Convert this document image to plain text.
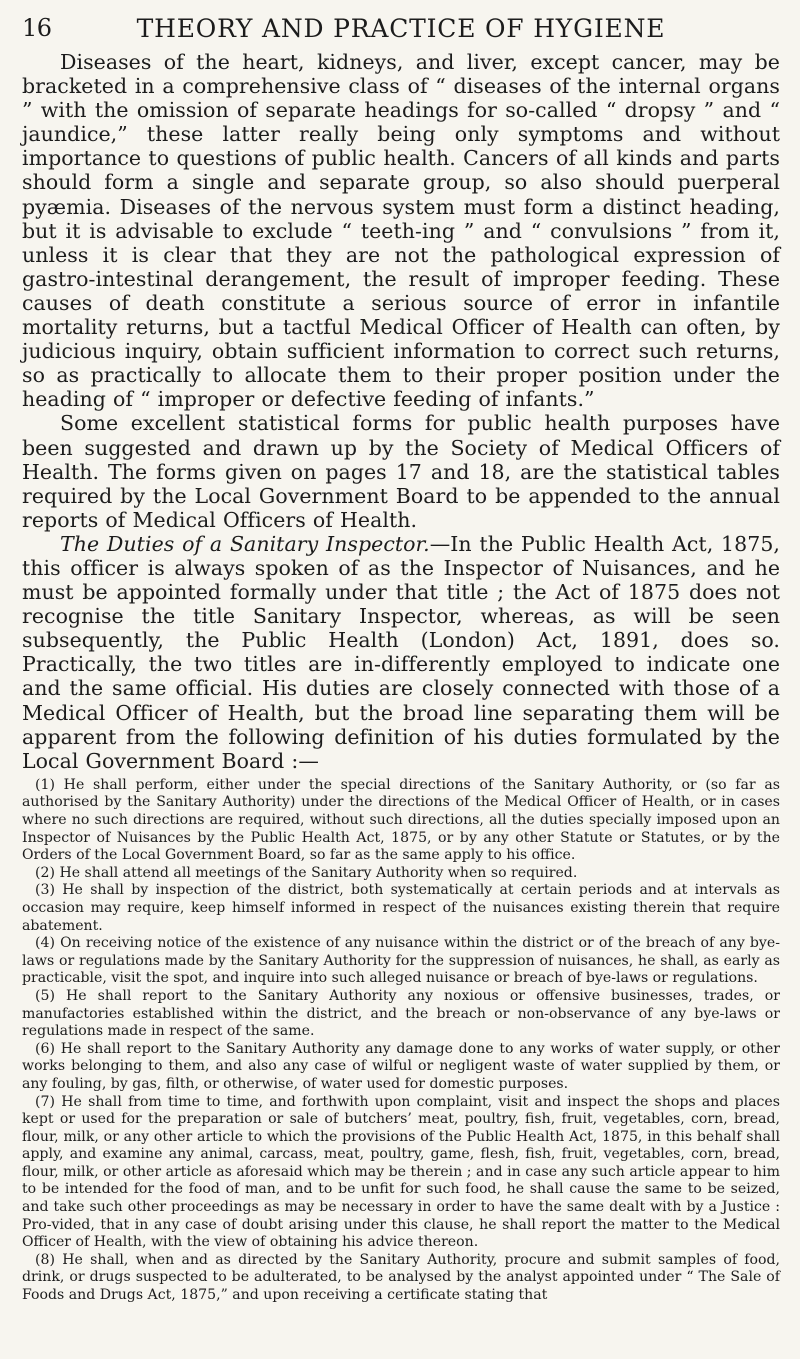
16	THEORY AND PRACTICE OF HYGIENE

Diseases of the heart, kidneys, and liver, except cancer, may be bracketed in a comprehensive class of “ diseases of the internal organs ” with the omission of separate headings for so-called “ dropsy ” and “ jaundice,” these latter really being only symptoms and without importance to questions of public health. Cancers of all kinds and parts should form a single and separate group, so also should puerperal pyæmia. Diseases of the nervous system must form a distinct heading, but it is advisable to exclude “ teeth-ing ” and “ convulsions ” from it, unless it is clear that they are not the pathological expression of gastro-intestinal derangement, the result of improper feeding. These causes of death constitute a serious source of error in infantile mortality returns, but a tactful Medical Officer of Health can often, by judicious inquiry, obtain sufficient information to correct such returns, so as practically to allocate them to their proper position under the heading of “ improper or defective feeding of infants.”

Some excellent statistical forms for public health purposes have been suggested and drawn up by the Society of Medical Officers of Health. The forms given on pages 17 and 18, are the statistical tables required by the Local Government Board to be appended to the annual reports of Medical Officers of Health.

The Duties of a Sanitary Inspector.—In the Public Health Act, 1875, this officer is always spoken of as the Inspector of Nuisances, and he must be appointed formally under that title ; the Act of 1875 does not recognise the title Sanitary Inspector, whereas, as will be seen subsequently, the Public Health (London) Act, 1891, does so. Practically, the two titles are in-differently employed to indicate one and the same official. His duties are closely connected with those of a Medical Officer of Health, but the broad line separating them will be apparent from the following definition of his duties formulated by the Local Government Board :—

(1) He shall perform, either under the special directions of the Sanitary Authority, or (so far as authorised by the Sanitary Authority) under the directions of the Medical Officer of Health, or in cases where no such directions are required, without such directions, all the duties specially imposed upon an Inspector of Nuisances by the Public Health Act, 1875, or by any other Statute or Statutes, or by the Orders of the Local Government Board, so far as the same apply to his office.

(2) He shall attend all meetings of the Sanitary Authority when so required.

(3) He shall by inspection of the district, both systematically at certain periods and at intervals as occasion may require, keep himself informed in respect of the nuisances existing therein that require abatement.

(4) On receiving notice of the existence of any nuisance within the district or of the breach of any bye-laws or regulations made by the Sanitary Authority for the suppression of nuisances, he shall, as early as practicable, visit the spot, and inquire into such alleged nuisance or breach of bye-laws or regulations.

(5) He shall report to the Sanitary Authority any noxious or offensive businesses, trades, or manufactories established within the district, and the breach or non-observance of any bye-laws or regulations made in respect of the same.

(6) He shall report to the Sanitary Authority any damage done to any works of water supply, or other works belonging to them, and also any case of wilful or negligent waste of water supplied by them, or any fouling, by gas, filth, or otherwise, of water used for domestic purposes.

(7) He shall from time to time, and forthwith upon complaint, visit and inspect the shops and places kept or used for the preparation or sale of butchers’ meat, poultry, fish, fruit, vegetables, corn, bread, flour, milk, or any other article to which the provisions of the Public Health Act, 1875, in this behalf shall apply, and examine any animal, carcass, meat, poultry, game, flesh, fish, fruit, vegetables, corn, bread, flour, milk, or other article as aforesaid which may be therein ; and in case any such article appear to him to be intended for the food of man, and to be unfit for such food, he shall cause the same to be seized, and take such other proceedings as may be necessary in order to have the same dealt with by a Justice : Pro-vided, that in any case of doubt arising under this clause, he shall report the matter to the Medical Officer of Health, with the view of obtaining his advice thereon.

(8) He shall, when and as directed by the Sanitary Authority, procure and submit samples of food, drink, or drugs suspected to be adulterated, to be analysed by the analyst appointed under “ The Sale of Foods and Drugs Act, 1875,” and upon receiving a certificate stating that
